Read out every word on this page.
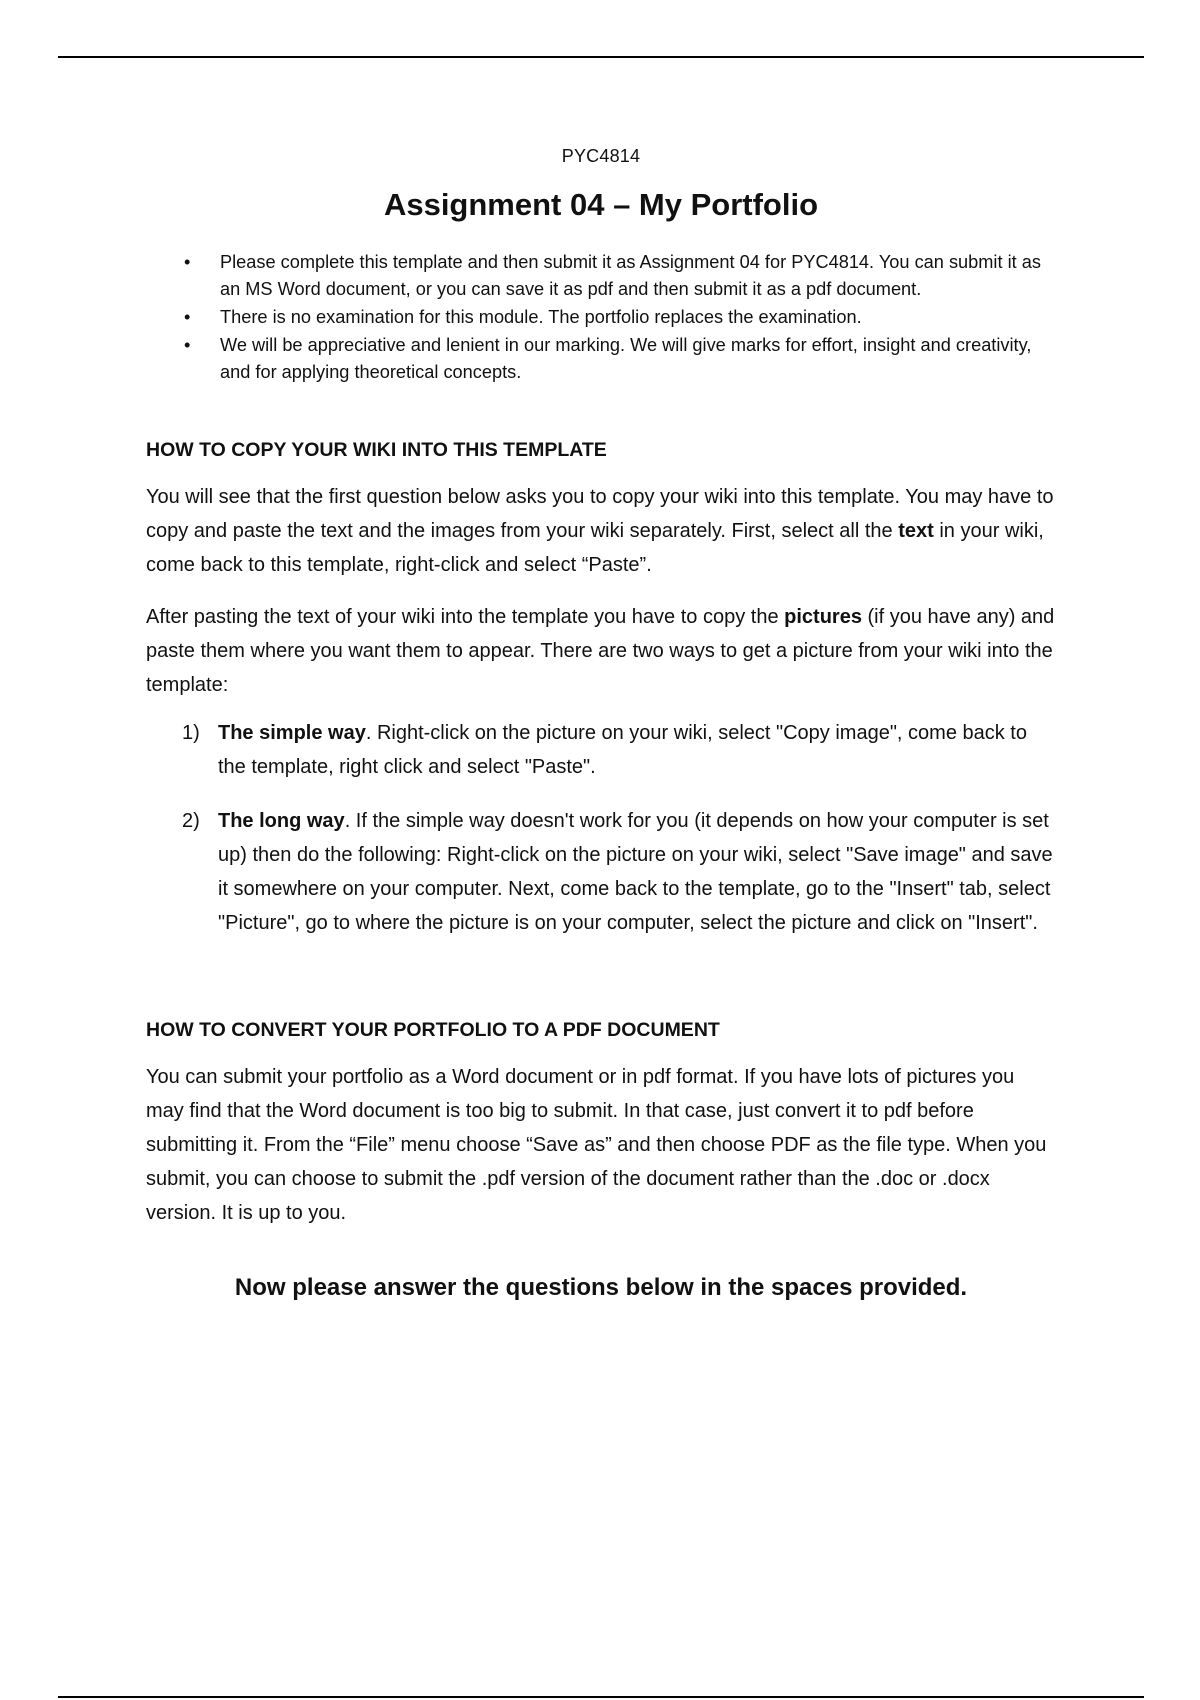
PYC4814
Assignment 04 – My Portfolio
• Please complete this template and then submit it as Assignment 04 for PYC4814. You can submit it as an MS Word document, or you can save it as pdf and then submit it as a pdf document.
• There is no examination for this module. The portfolio replaces the examination.
• We will be appreciative and lenient in our marking. We will give marks for effort, insight and creativity, and for applying theoretical concepts.
HOW TO COPY YOUR WIKI INTO THIS TEMPLATE

You will see that the first question below asks you to copy your wiki into this template. You may have to copy and paste the text and the images from your wiki separately. First, select all the text in your wiki, come back to this template, right-click and select “Paste”.

After pasting the text of your wiki into the template you have to copy the pictures (if you have any) and paste them where you want them to appear. There are two ways to get a picture from your wiki into the template:

1) The simple way. Right-click on the picture on your wiki, select "Copy image", come back to the template, right click and select "Paste".
2) The long way. If the simple way doesn't work for you (it depends on how your computer is set up) then do the following: Right-click on the picture on your wiki, select "Save image" and save it somewhere on your computer. Next, come back to the template, go to the "Insert" tab, select "Picture", go to where the picture is on your computer, select the picture and click on "Insert".
HOW TO CONVERT YOUR PORTFOLIO TO A PDF DOCUMENT

You can submit your portfolio as a Word document or in pdf format. If you have lots of pictures you may find that the Word document is too big to submit. In that case, just convert it to pdf before submitting it. From the “File” menu choose “Save as” and then choose PDF as the file type. When you submit, you can choose to submit the .pdf version of the document rather than the .doc or .docx version. It is up to you.

Now please answer the questions below in the spaces provided.
